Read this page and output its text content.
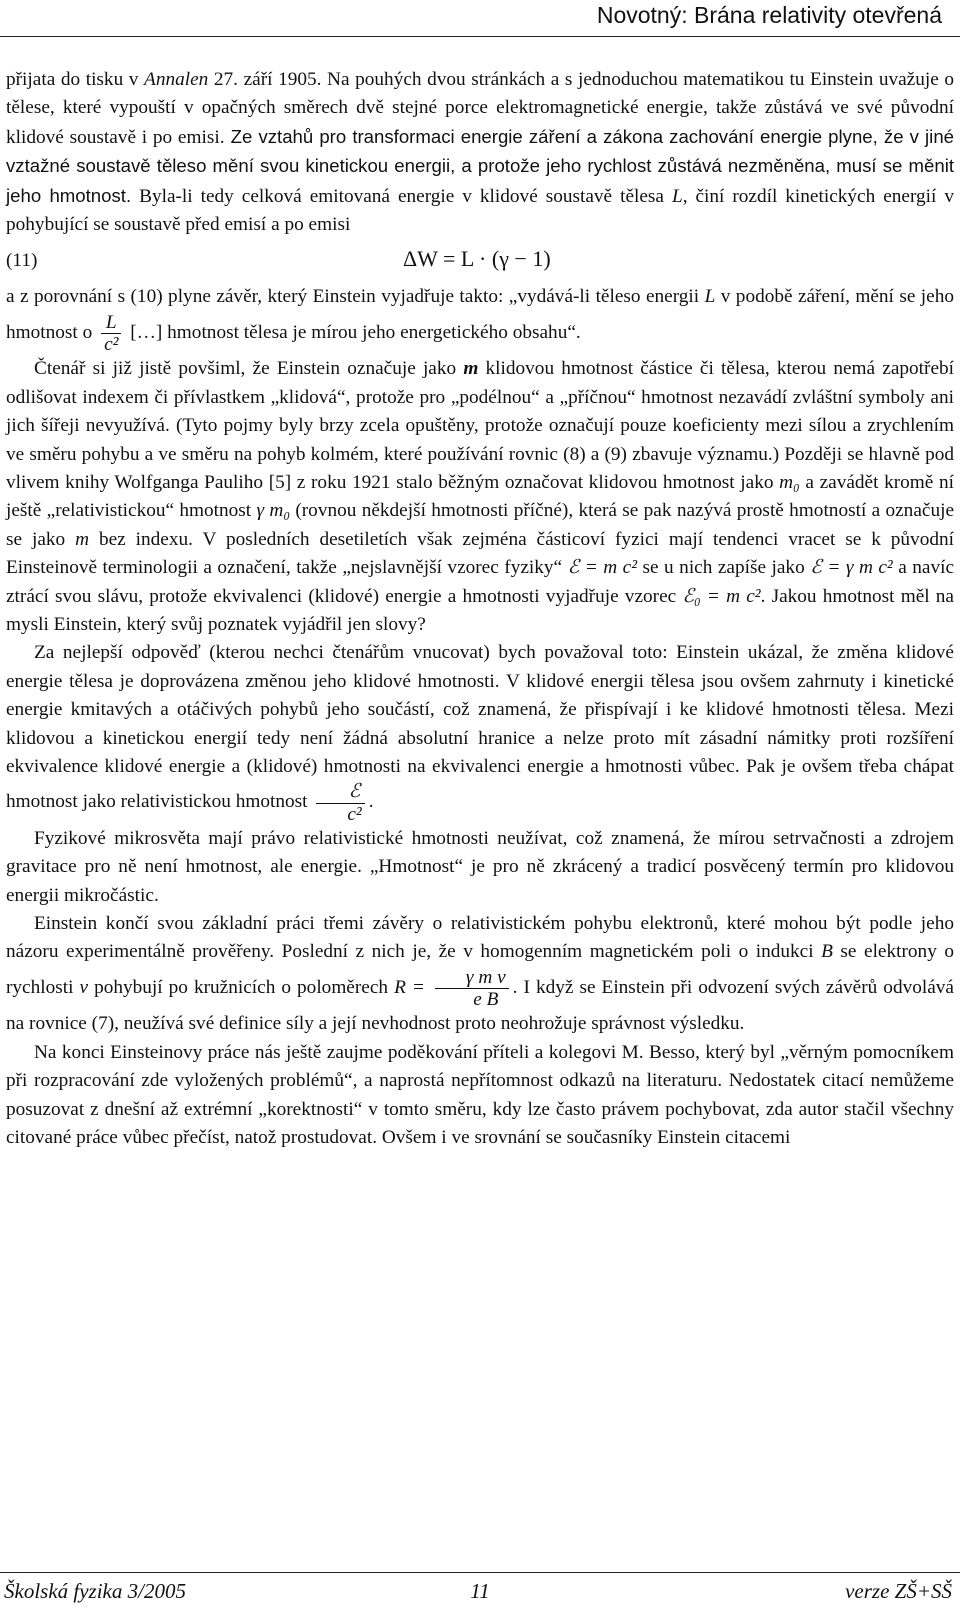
Novotný: Brána relativity otevřená

přijata do tisku v Annalen 27. září 1905. Na pouhých dvou stránkách a s jednoduchou matematikou tu Einstein uvažuje o tělese, které vypouští v opačných směrech dvě stejné porce elektromagnetické energie, takže zůstává ve své původní klidové soustavě i po emisi. Ze vztahů pro transformaci energie záření a zákona zachování energie plyne, že v jiné vztažné soustavě těleso mění svou kinetickou energii, a protože jeho rychlost zůstává nezměněna, musí se měnit jeho hmotnost. Byla-li tedy celková emitovaná energie v klidové soustavě tělesa L, činí rozdíl kinetických energií v pohybující se soustavě před emisí a po emisi

(11)	ΔW = L · (γ − 1)

a z porovnání s (10) plyne závěr, který Einstein vyjadřuje takto: „vydává-li těleso energii L v podobě záření, mění se jeho hmotnost o $\frac{L}{\text{c²}}$ […] hmotnost tělesa je mírou jeho energetického obsahu“.

Čtenář si již jistě povšiml, že Einstein označuje jako m klidovou hmotnost částice či tělesa, kterou nemá zapotřebí odlišovat indexem či přívlastkem „klidová“, protože pro „podélnou“ a „příčnou“ hmotnost nezavádí zvláštní symboly ani jich šířeji nevyužívá. (Tyto pojmy byly brzy zcela opuštěny, protože označují pouze koeficienty mezi sílou a zrychlením ve směru pohybu a ve směru na pohyb kolmém, které používání rovnic (8) a (9) zbavuje významu.) Později se hlavně pod vlivem knihy Wolfganga Pauliho [5] z roku 1921 stalo běžným označovat klidovou hmotnost jako m₀ a zavádět kromě ní ještě „relativistickou“ hmotnost γ m₀ (rovnou někdejší hmotnosti příčné), která se pak nazývá prostě hmotností a označuje se jako m bez indexu. V posledních desetiletích však zejména částicoví fyzici mají tendenci vracet se k původní Einsteinově terminologii a označení, takže „nejslavnější vzorec fyziky“ ℰ = m c² se u nich zapíše jako ℰ = γ m c² a navíc ztrácí svou slávu, protože ekvivalenci (klidové) energie a hmotnosti vyjadřuje vzorec ℰ₀ = m c². Jakou hmotnost měl na mysli Einstein, který svůj poznatek vyjádřil jen slovy?

Za nejlepší odpověď (kterou nechci čtenářům vnucovat) bych považoval toto: Einstein ukázal, že změna klidové energie tělesa je doprovázena změnou jeho klidové hmotnosti. V klidové energii tělesa jsou ovšem zahrnuty i kinetické energie kmitavých a otáčivých pohybů jeho součástí, což znamená, že přispívají i ke klidové hmotnosti tělesa. Mezi klidovou a kinetickou energií tedy není žádná absolutní hranice a nelze proto mít zásadní námitky proti rozšíření ekvivalence klidové energie a (klidové) hmotnosti na ekvivalenci energie a hmotnosti vůbec. Pak je ovšem třeba chápat hmotnost jako relativistickou hmotnost $\frac{\text{ℰ}}{\text{c²}}$ .

Fyzikové mikrosvěta mají právo relativistické hmotnosti neužívat, což znamená, že mírou setrvačnosti a zdrojem gravitace pro ně není hmotnost, ale energie. „Hmotnost“ je pro ně zkrácený a tradicí posvěcený termín pro klidovou energii mikročástic.

Einstein končí svou základní práci třemi závěry o relativistickém pohybu elektronů, které mohou být podle jeho názoru experimentálně prověřeny. Poslední z nich je, že v homogenním magnetickém poli o indukci B se elektrony o rychlosti v pohybují po kružnicích o poloměrech $R = \frac{\text{γ m v}}{\text{e B}}$ . I když se Einstein při odvození svých závěrů odvolává na rovnice (7), neužívá své definice síly a její nevhodnost proto neohrožuje správnost výsledku.

Na konci Einsteinovy práce nás ještě zaujme poděkování příteli a kolegovi M. Besso, který byl „věrným pomocníkem při rozpracování zde vyložených problémů“, a naprostá nepřítomnost odkazů na literaturu. Nedostatek citací nemůžeme posuzovat z dnešní až extrémní „korektnosti“ v tomto směru, kdy lze často právem pochybovat, zda autor stačil všechny citované práce vůbec přečíst, natož prostudovat. Ovšem i ve srovnání se současníky Einstein citacemi

Školská fyzika 3/2005	11	verze ZŠ+SŠ
